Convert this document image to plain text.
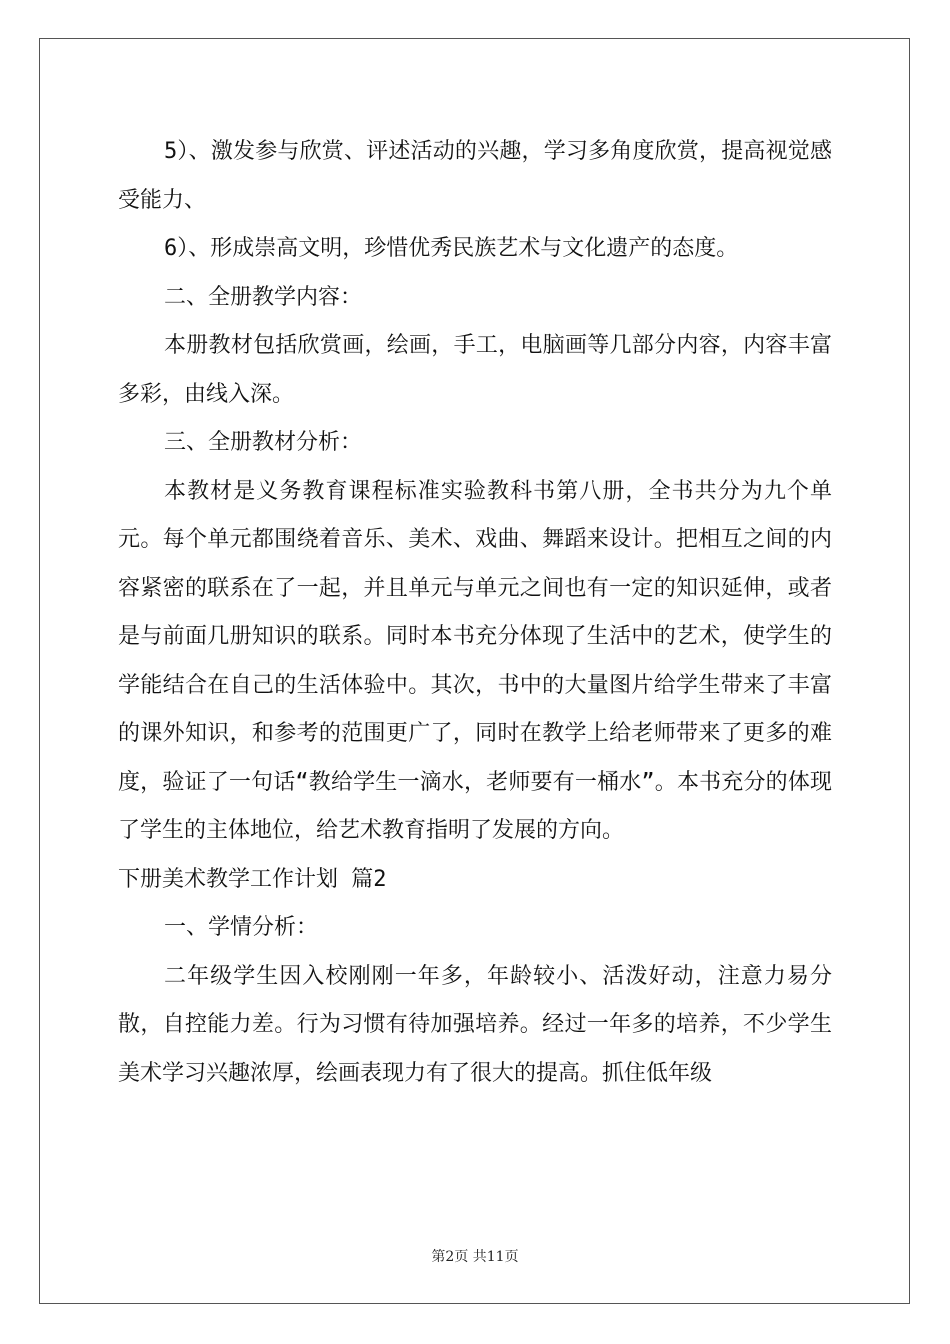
5）、激发参与欣赏、评述活动的兴趣，学习多角度欣赏，提高视觉感受能力、

6）、形成崇高文明，珍惜优秀民族艺术与文化遗产的态度。

二、全册教学内容：

本册教材包括欣赏画，绘画，手工，电脑画等几部分内容，内容丰富多彩，由线入深。

三、全册教材分析：

本教材是义务教育课程标准实验教科书第八册，全书共分为九个单元。每个单元都围绕着音乐、美术、戏曲、舞蹈来设计。把相互之间的内容紧密的联系在了一起，并且单元与单元之间也有一定的知识延伸，或者是与前面几册知识的联系。同时本书充分体现了生活中的艺术，使学生的学能结合在自己的生活体验中。其次，书中的大量图片给学生带来了丰富的课外知识，和参考的范围更广了，同时在教学上给老师带来了更多的难度，验证了一句话“教给学生一滴水，老师要有一桶水”。本书充分的体现了学生的主体地位，给艺术教育指明了发展的方向。

下册美术教学工作计划 篇2

一、学情分析：

二年级学生因入校刚刚一年多，年龄较小、活泼好动，注意力易分散，自控能力差。行为习惯有待加强培养。经过一年多的培养，不少学生美术学习兴趣浓厚，绘画表现力有了很大的提高。抓住低年级

第2页 共11页
